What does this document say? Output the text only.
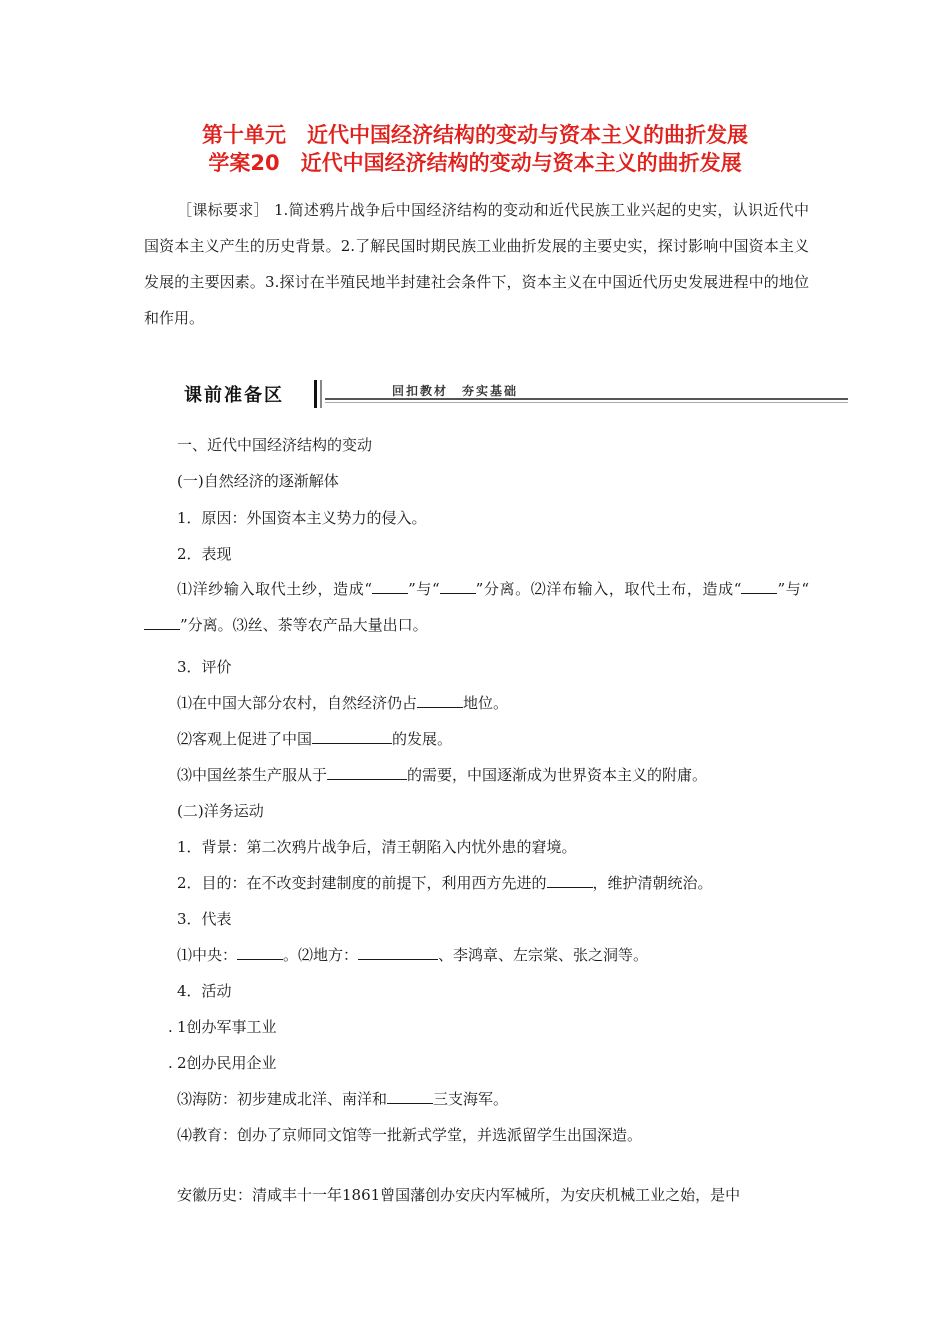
第十单元　近代中国经济结构的变动与资本主义的曲折发展
学案20　近代中国经济结构的变动与资本主义的曲折发展
［课标要求］ 1.简述鸦片战争后中国经济结构的变动和近代民族工业兴起的史实，认识近代中国资本主义产生的历史背景。2.了解民国时期民族工业曲折发展的主要史实，探讨影响中国资本主义发展的主要因素。3.探讨在半殖民地半封建社会条件下，资本主义在中国近代历史发展进程中的地位和作用。
课前准备区	回扣教材　夯实基础
一、近代中国经济结构的变动
(一)自然经济的逐渐解体
1．原因：外国资本主义势力的侵入。
2．表现
⑴洋纱输入取代土纱，造成“ ”与“ ”分离。⑵洋布输入，取代土布，造成“ ”与“”分离。⑶丝、茶等农产品大量出口。
3．评价
⑴在中国大部分农村，自然经济仍占	地位。
⑵客观上促进了中国	的发展。
⑶中国丝茶生产服从于	的需要，中国逐渐成为世界资本主义的附庸。
(二)洋务运动
1．背景：第二次鸦片战争后，清王朝陷入内忧外患的窘境。
2．目的：在不改变封建制度的前提下，利用西方先进的	，维护清朝统治。
3．代表
⑴中央：	。⑵地方：	、李鸿章、左宗棠、张之洞等。
4．活动
. 1创办军事工业
. 2创办民用企业
⑶海防：初步建成北洋、南洋和	三支海军。
⑷教育：创办了京师同文馆等一批新式学堂，并选派留学生出国深造。
安徽历史：清咸丰十一年1861曾国藩创办安庆内军械所，为安庆机械工业之始，是中
